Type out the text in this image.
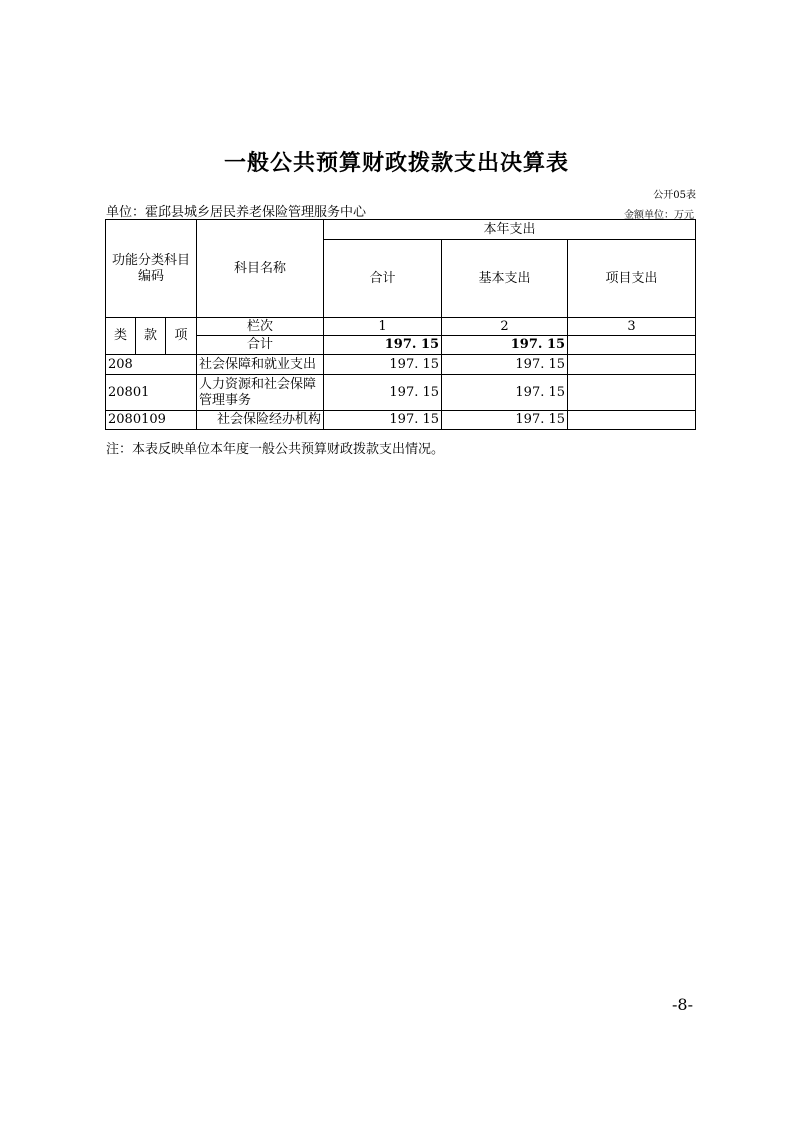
一般公共预算财政拨款支出决算表
公开05表
单位：霍邱县城乡居民养老保险管理服务中心	金额单位：万元
功能分类科目编码			科目名称	本年支出		
				合计	基本支出	项目支出
类	款	项	栏次	1	2	3
			合计	197. 15	197. 15	
208			社会保障和就业支出	197. 15	197. 15	
20801			人力资源和社会保障管理事务	197. 15	197. 15	
2080109			社会保险经办机构	197. 15	197. 15	
注：本表反映单位本年度一般公共预算财政拨款支出情况。
-8-
